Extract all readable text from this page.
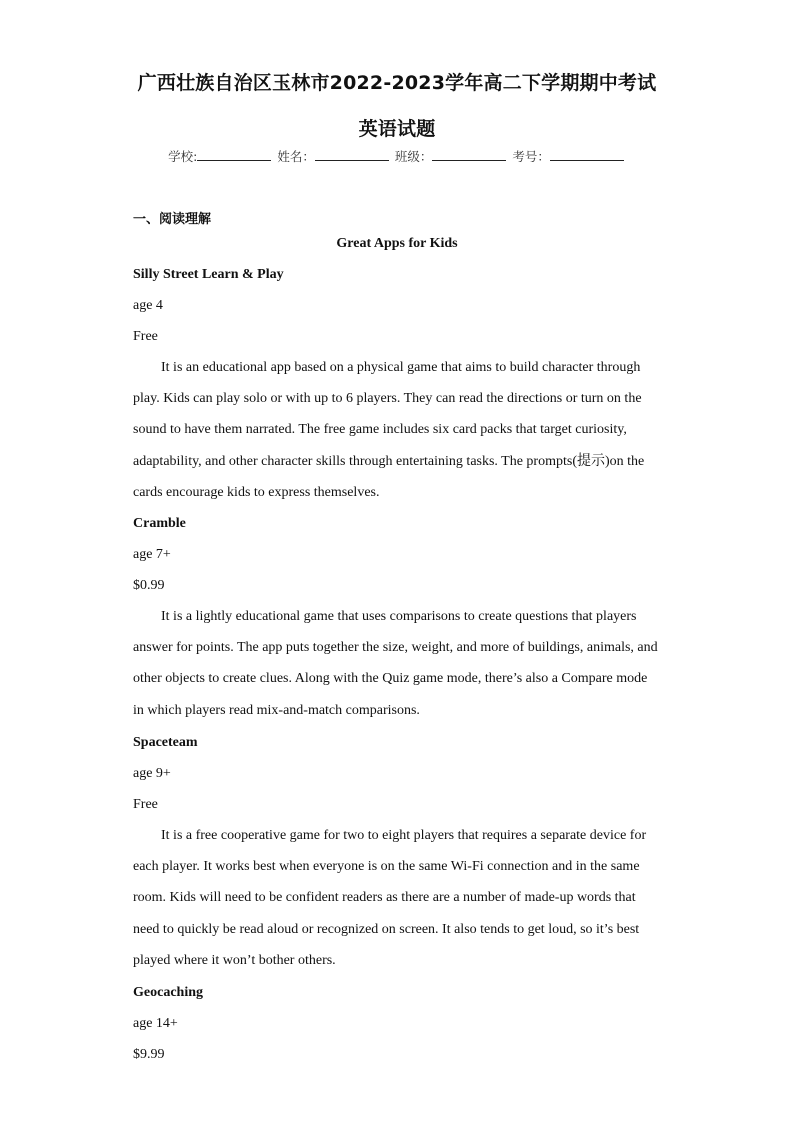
广西壮族自治区玉林市2022-2023学年高二下学期期中考试
英语试题
学校:	姓名：	班级：	考号：
一、阅读理解
Great Apps for Kids
Silly Street Learn & Play
age 4
Free

It is an educational app based on a physical game that aims to build character through play. Kids can play solo or with up to 6 players. They can read the directions or turn on the sound to have them narrated. The free game includes six card packs that target curiosity, adaptability, and other character skills through entertaining tasks. The prompts(提示)on the cards encourage kids to express themselves.

Cramble
age 7+
$0.99

It is a lightly educational game that uses comparisons to create questions that players answer for points. The app puts together the size, weight, and more of buildings, animals, and other objects to create clues. Along with the Quiz game mode, there’s also a Compare mode in which players read mix-and-match comparisons.

Spaceteam
age 9+
Free

It is a free cooperative game for two to eight players that requires a separate device for each player. It works best when everyone is on the same Wi-Fi connection and in the same room. Kids will need to be confident readers as there are a number of made-up words that need to quickly be read aloud or recognized on screen. It also tends to get loud, so it’s best played where it won’t bother others.

Geocaching
age 14+
$9.99
